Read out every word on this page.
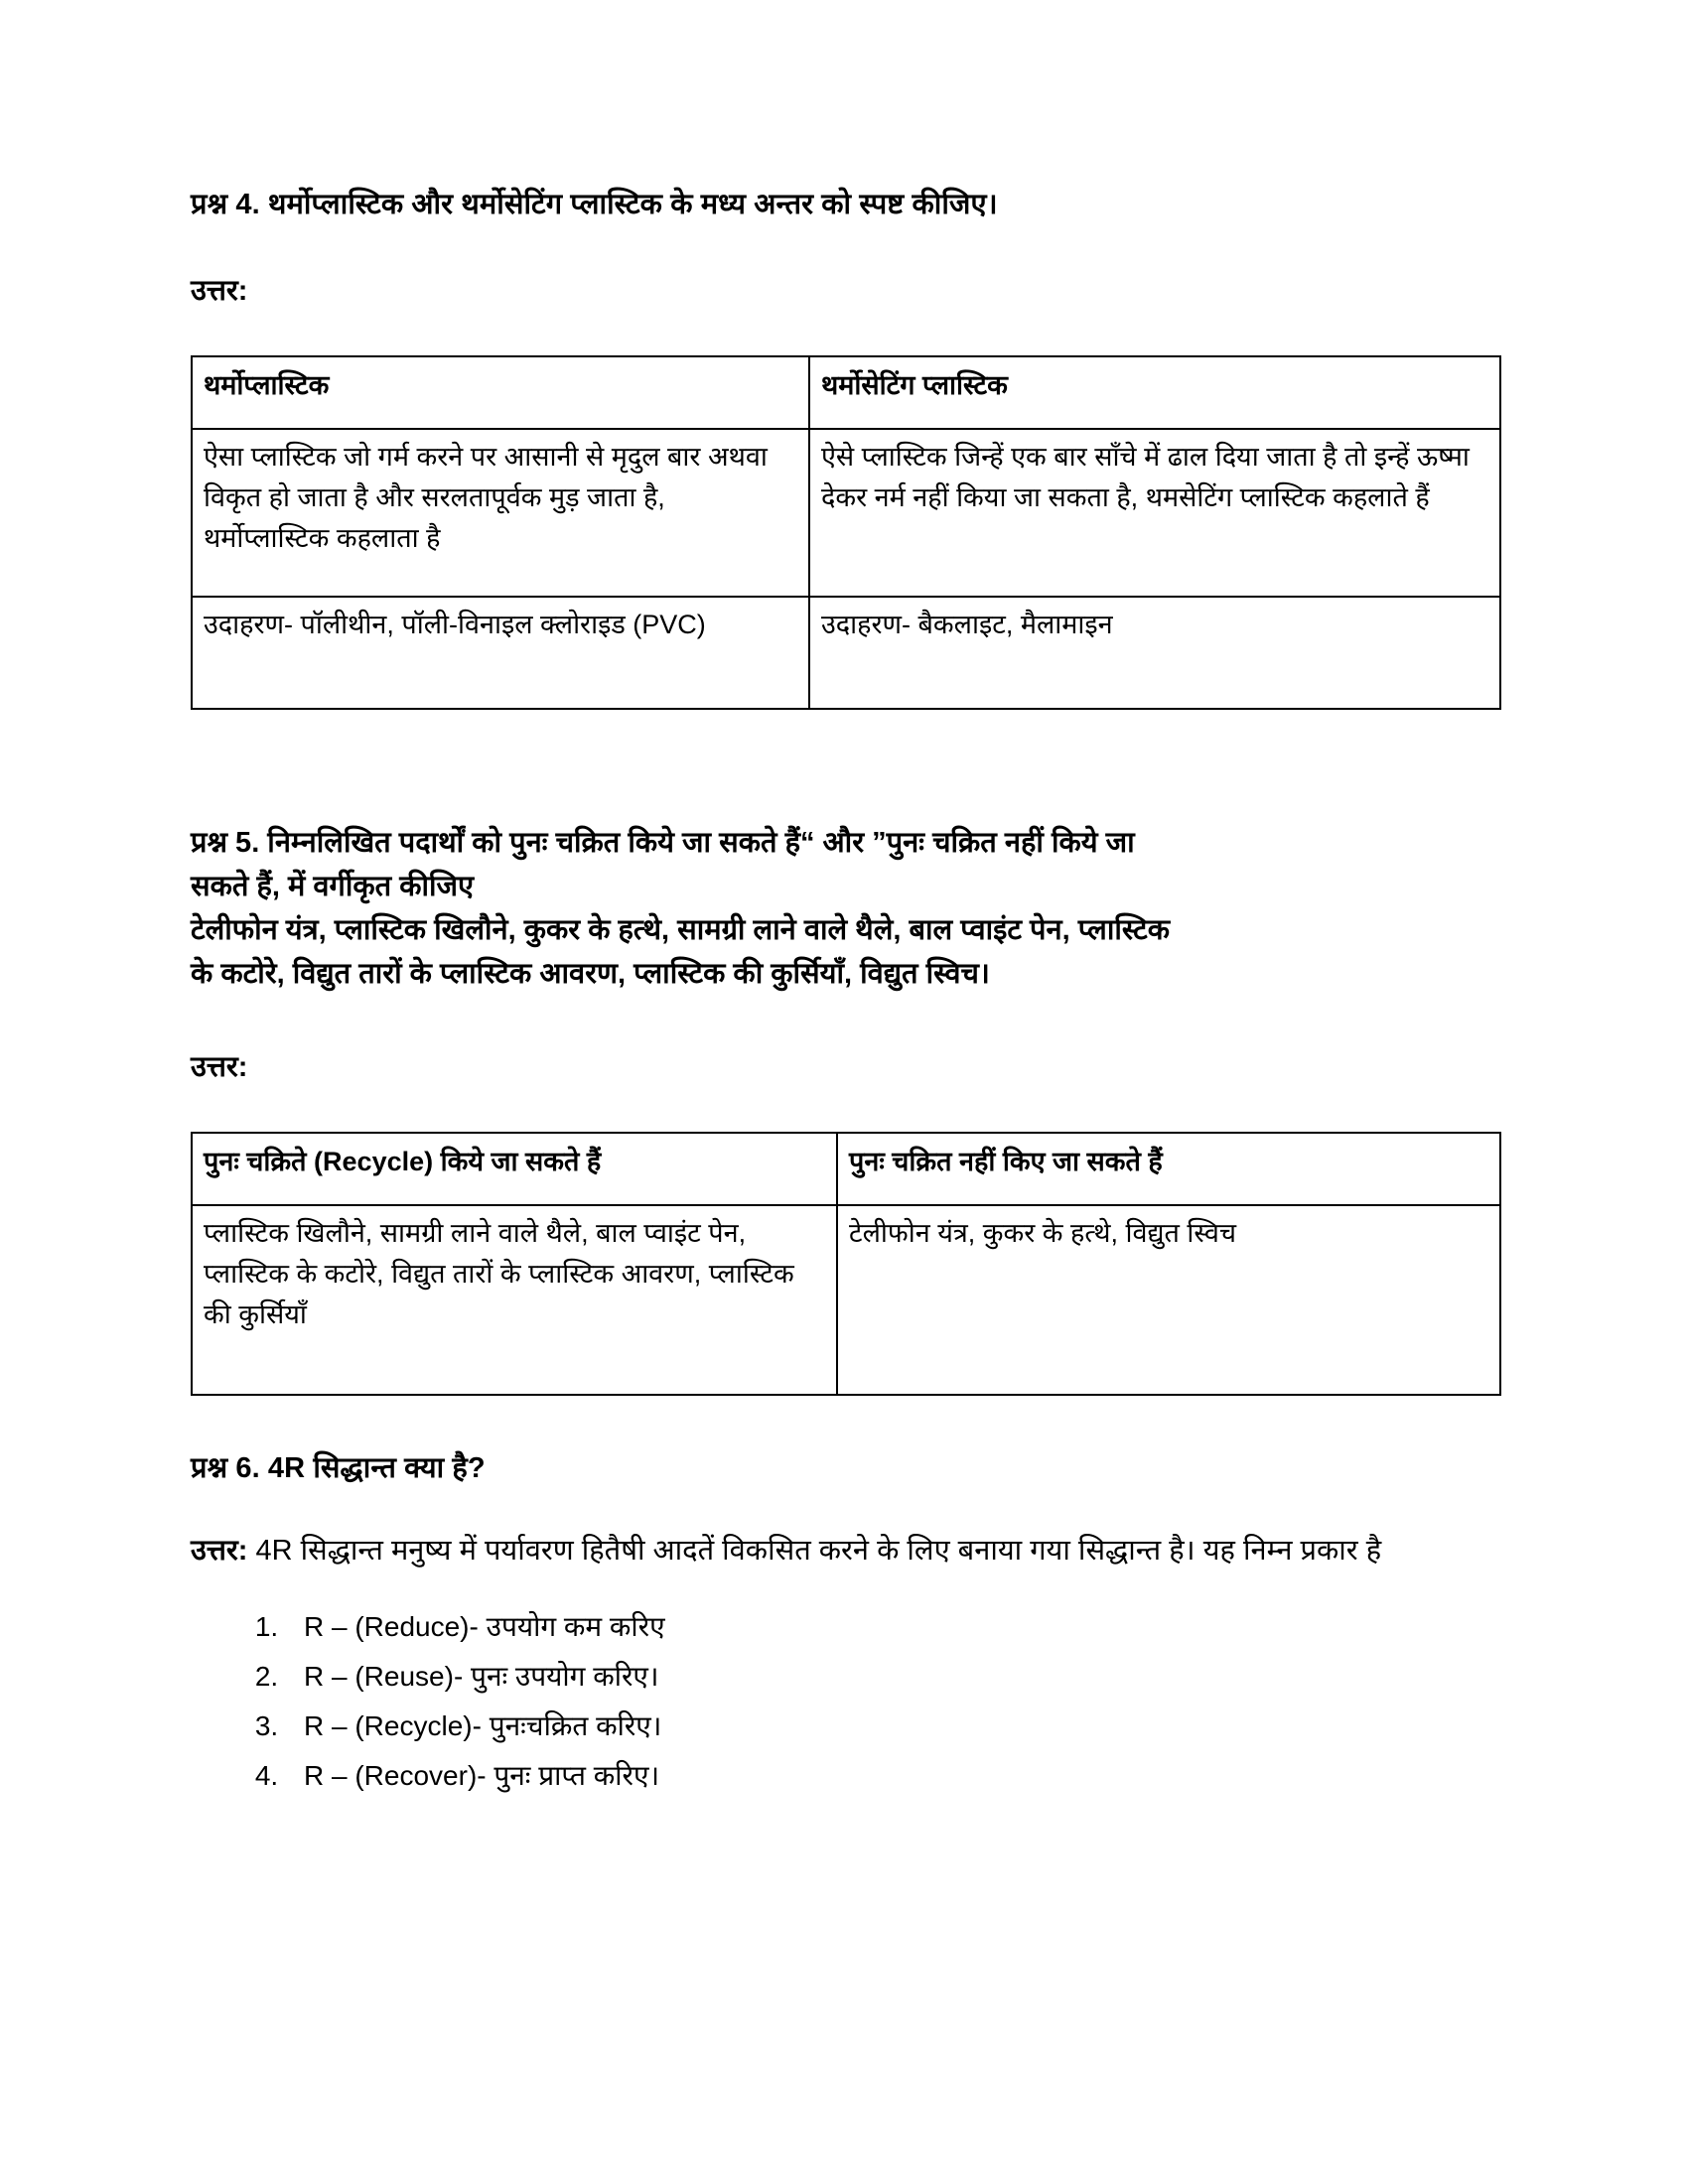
प्रश्न 4. थर्मोप्लास्टिक और थर्मोसेटिंग प्लास्टिक के मध्य अन्तर को स्पष्ट कीजिए।
उत्तर:
थर्मोप्लास्टिक	थर्मोसेटिंग प्लास्टिक

ऐसा प्लास्टिक जो गर्म करने पर आसानी से मृदुल बार अथवा विकृत हो जाता है और सरलतापूर्वक मुड़ जाता है, थर्मोप्लास्टिक कहलाता है	ऐसे प्लास्टिक जिन्हें एक बार साँचे में ढाल दिया जाता है तो इन्हें ऊष्मा देकर नर्म नहीं किया जा सकता है, थमसेटिंग प्लास्टिक कहलाते हैं

उदाहरण- पॉलीथीन, पॉली-विनाइल क्लोराइड (PVC)	उदाहरण- बैकलाइट, मैलामाइन
प्रश्न 5. निम्नलिखित पदार्थों को पुनः चक्रित किये जा सकते हैं“ और ”पुनः चक्रित नहीं किये जा
सकते हैं, में वर्गीकृत कीजिए
टेलीफोन यंत्र, प्लास्टिक खिलौने, कुकर के हत्थे, सामग्री लाने वाले थैले, बाल प्वाइंट पेन, प्लास्टिक
के कटोरे, विद्युत तारों के प्लास्टिक आवरण, प्लास्टिक की कुर्सियाँ, विद्युत स्विच।
उत्तर:
पुनः चक्रिते (Recycle) किये जा सकते हैं	पुनः चक्रित नहीं किए जा सकते हैं

प्लास्टिक खिलौने, सामग्री लाने वाले थैले, बाल प्वाइंट पेन, प्लास्टिक के कटोरे, विद्युत तारों के प्लास्टिक आवरण, प्लास्टिक की कुर्सियाँ	टेलीफोन यंत्र, कुकर के हत्थे, विद्युत स्विच
प्रश्न 6. 4R सिद्धान्त क्या है?

उत्तर: 4R सिद्धान्त मनुष्य में पर्यावरण हितैषी आदतें विकसित करने के लिए बनाया गया सिद्धान्त है। यह निम्न प्रकार है

1. R – (Reduce)- उपयोग कम करिए
2. R – (Reuse)- पुनः उपयोग करिए।
3. R – (Recycle)- पुनःचक्रित करिए।
4. R – (Recover)- पुनः प्राप्त करिए।
